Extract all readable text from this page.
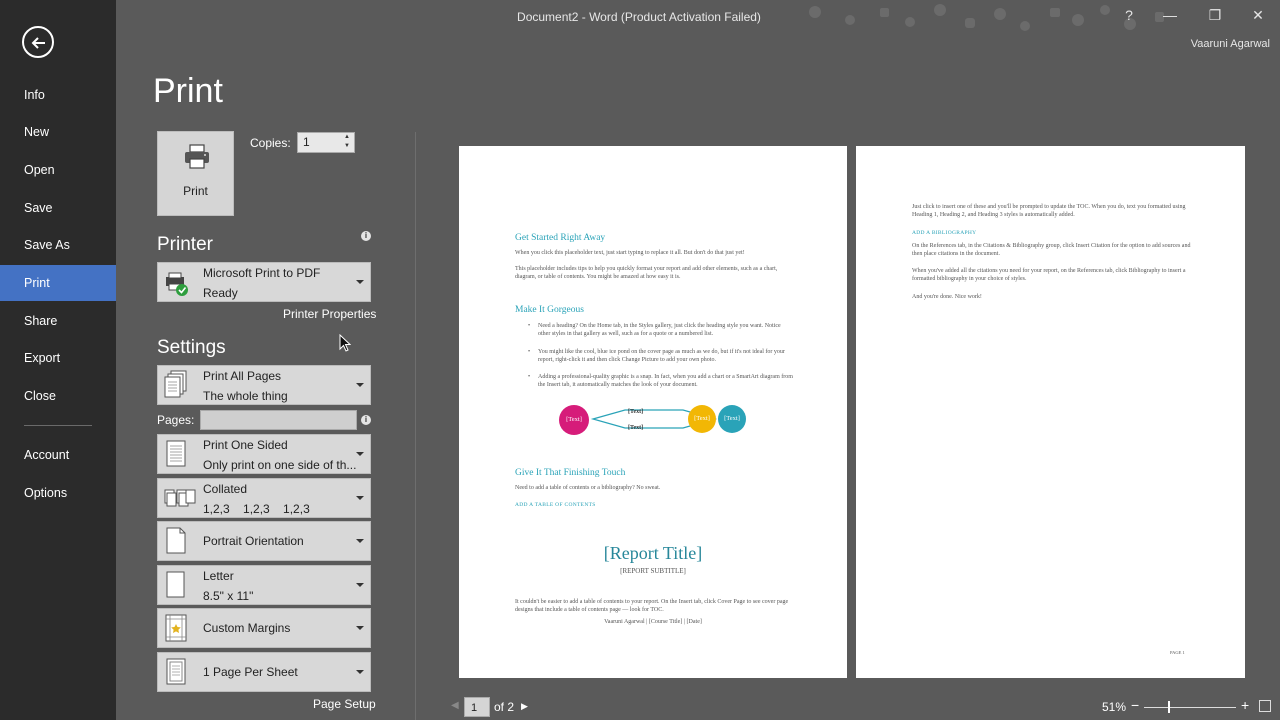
Info
New
Open
Save
Save As
Print
Share
Export
Close
Account
Options
Document2 - Word (Product Activation Failed)	?	—	❐	✕
Vaaruni Agarwal
Print
Print
Copies:	1	▲
▼
Printer	i
Microsoft Print to PDF
Ready
Printer Properties
Settings
Print All Pages
The whole thing
Pages:	i
Print One Sided
Only print on one side of th...
Collated
1,2,3    1,2,3    1,2,3
Portrait Orientation
Letter
8.5" x 11"
Custom Margins
1 Page Per Sheet
Page Setup
Get Started Right Away
When you click this placeholder text, just start typing to replace it all. But don't do that just yet!
This placeholder includes tips to help you quickly format your report and add other elements, such as a chart, diagram, or table of contents. You might be amazed at how easy it is.
Make It Gorgeous
• Need a heading? On the Home tab, in the Styles gallery, just click the heading style you want. Notice other styles in that gallery as well, such as for a quote or a numbered list.
• You might like the cool, blue ice pond on the cover page as much as we do, but if it's not ideal for your report, right-click it and then click Change Picture to add your own photo.
• Adding a professional-quality graphic is a snap. In fact, when you add a chart or a SmartArt diagram from the Insert tab, it automatically matches the look of your document.
[Text]
[Text]
[Text]
[Text]	[Text]
Give It That Finishing Touch
Need to add a table of contents or a bibliography? No sweat.
ADD A TABLE OF CONTENTS
[Report Title]
[REPORT SUBTITLE]
It couldn't be easier to add a table of contents to your report. On the Insert tab, click Cover Page to see cover page designs that include a table of contents page — look for TOC.
Vaaruni Agarwal | [Course Title] | [Date]
Just click to insert one of these and you'll be prompted to update the TOC. When you do, text you formatted using Heading 1, Heading 2, and Heading 3 styles is automatically added.
ADD A BIBLIOGRAPHY
On the References tab, in the Citations & Bibliography group, click Insert Citation for the option to add sources and then place citations in the document.
When you've added all the citations you need for your report, on the References tab, click Bibliography to insert a formatted bibliography in your choice of styles.
And you're done. Nice work!
PAGE 1
◀	1	of 2 ▶	51% −	+
